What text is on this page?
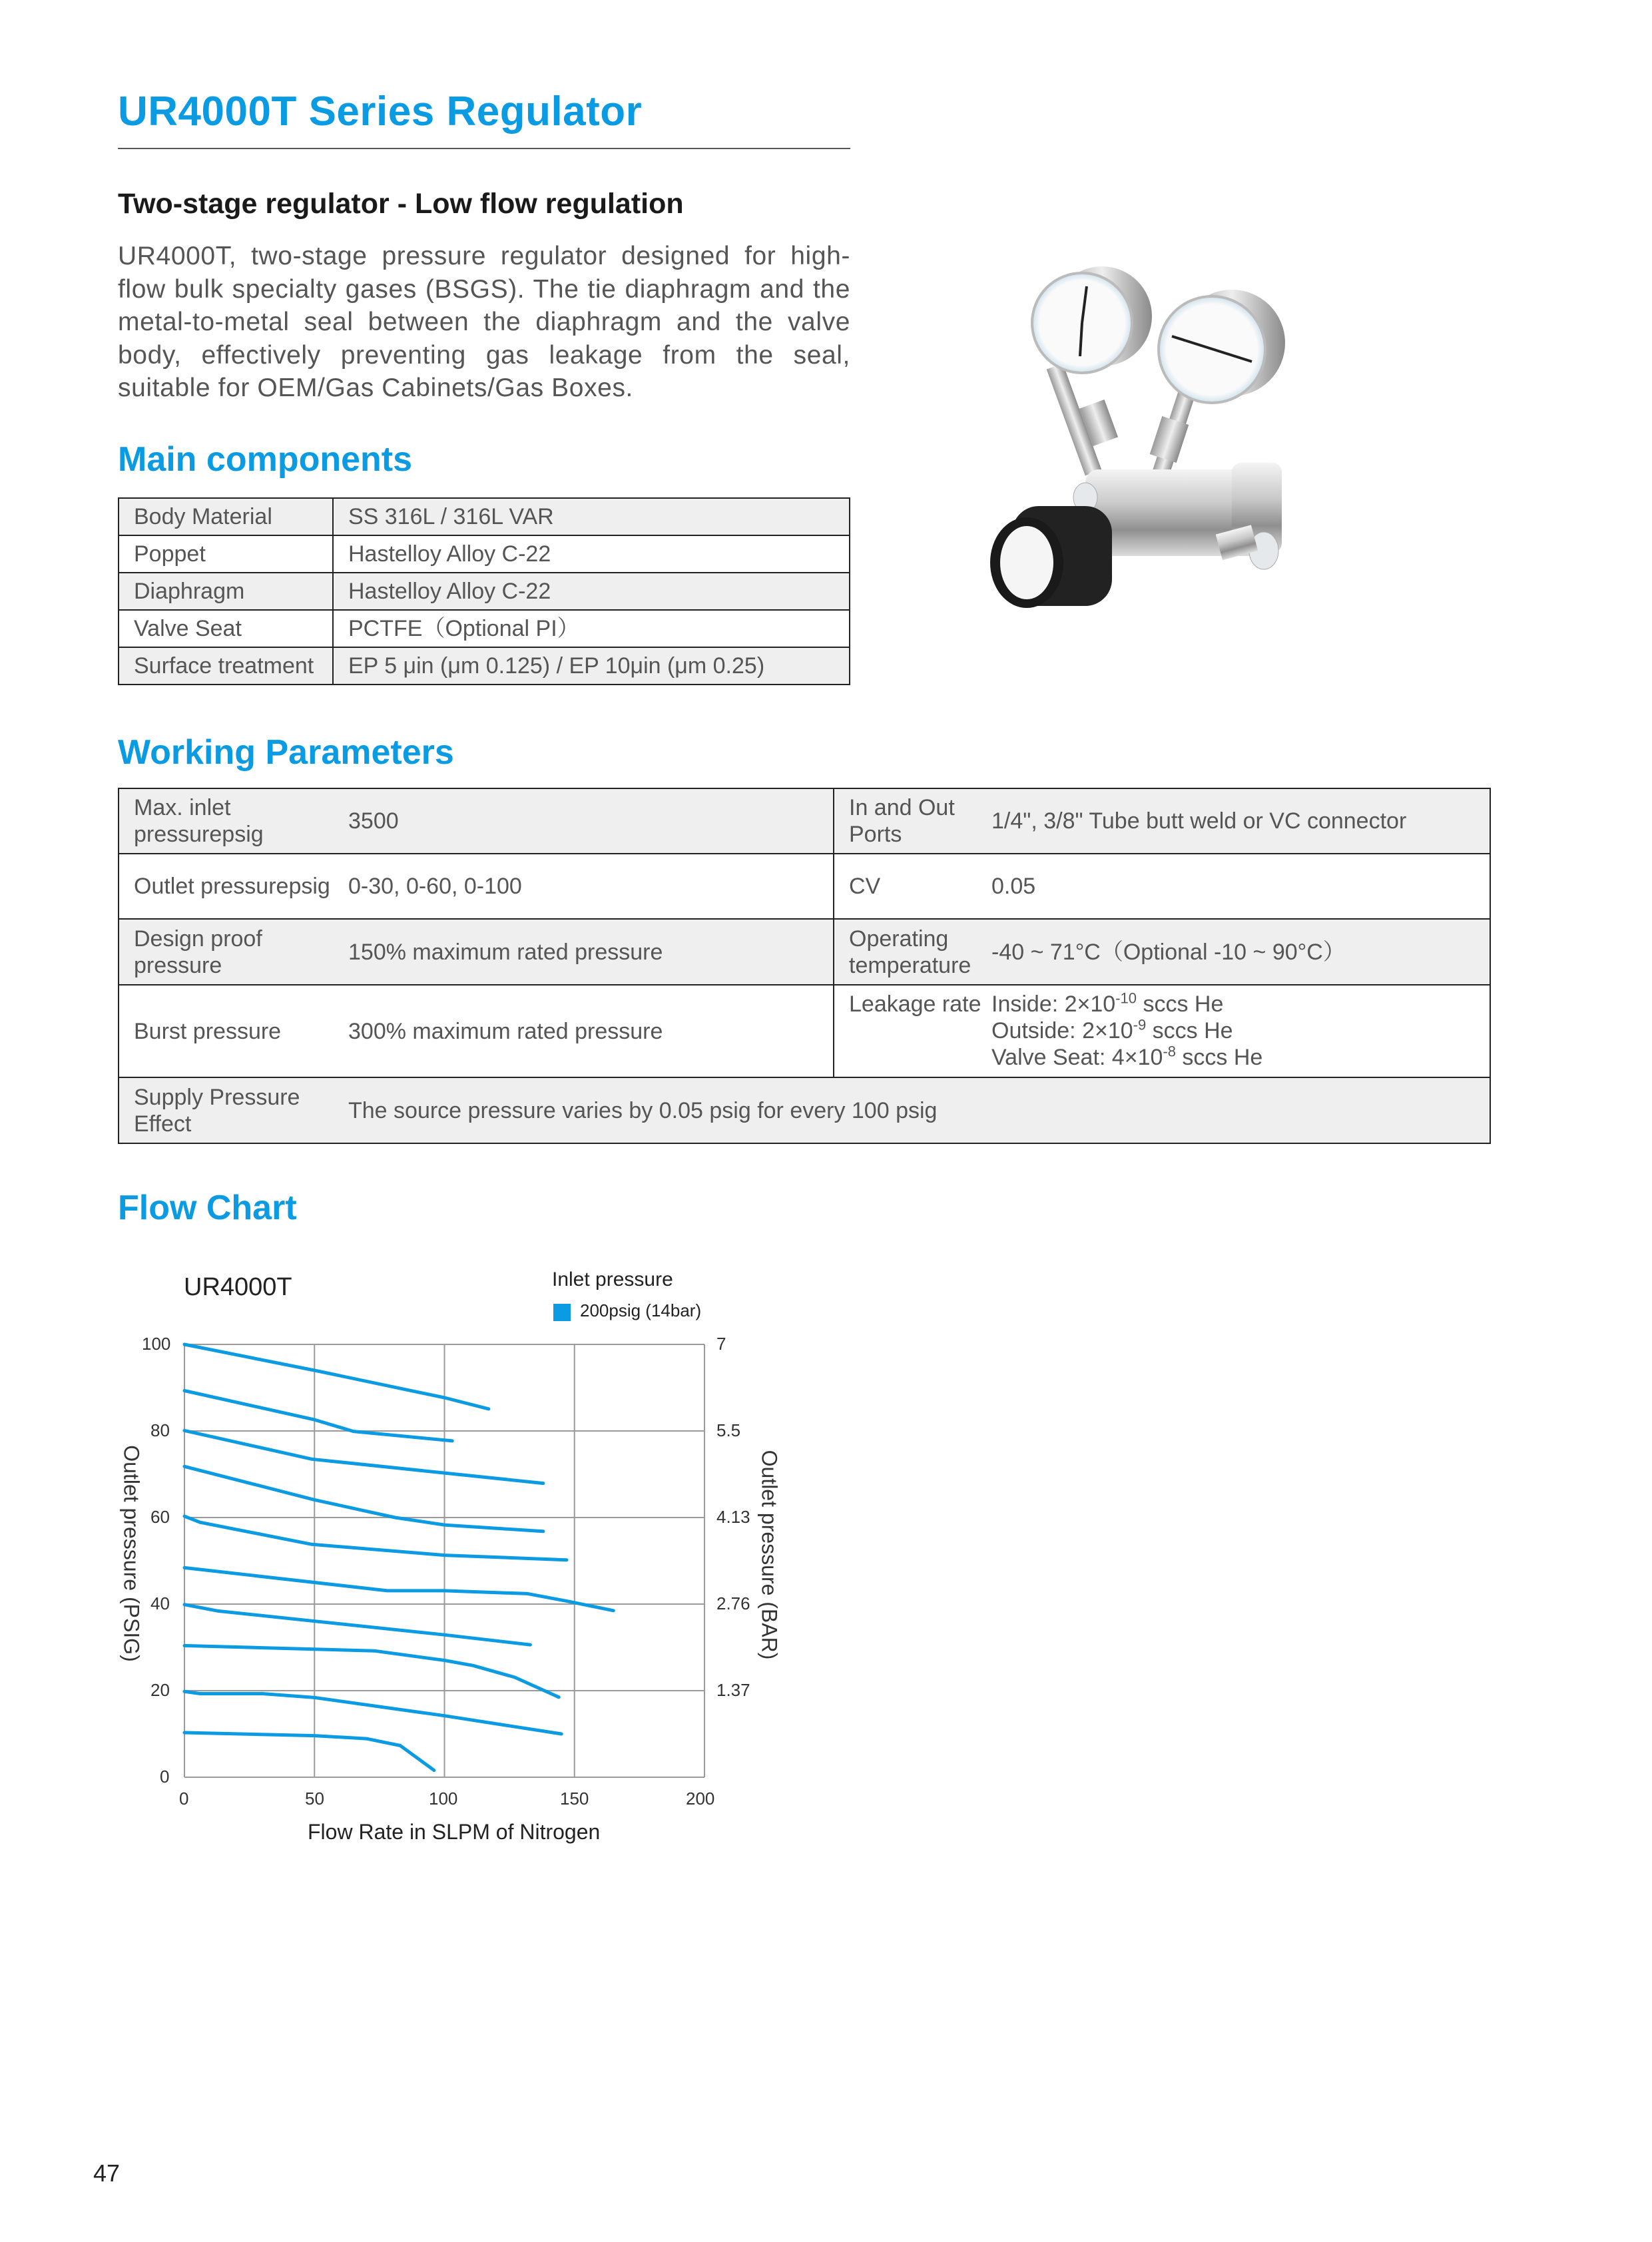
UR4000T Series Regulator
Two-stage regulator - Low flow regulation
UR4000T, two-stage pressure regulator designed for high-flow bulk specialty gases (BSGS). The tie diaphragm and the metal-to-metal seal between the diaphragm and the valve body, effectively preventing gas leakage from the seal, suitable for OEM/Gas Cabinets/Gas Boxes.
Main components
Body Material	SS 316L / 316L VAR
Poppet	Hastelloy Alloy C-22
Diaphragm	Hastelloy Alloy C-22
Valve Seat	PCTFE（Optional PI）
Surface treatment	EP 5 μin (μm 0.125) / EP 10μin (μm 0.25)
Working Parameters
Max. inlet pressurepsig	3500	In and Out Ports	1/4", 3/8" Tube butt weld or VC connector
Outlet pressurepsig	0-30, 0-60, 0-100	CV	0.05
Design proof pressure	150% maximum rated pressure	Operating temperature	-40 ~ 71°C（Optional -10 ~ 90°C）
Burst pressure	300% maximum rated pressure	Leakage rate	Inside: $2\times 10^{-10}$ sccs He
Outside: $2\times 10^{-9}$ sccs He
Valve Seat: $4\times 10^{-8}$ sccs He

Supply Pressure Effect	The source pressure varies by 0.05 psig for every 100 psig		
Flow Chart
UR4000T	Inlet pressure
200psig (14bar)
100
80
60
40
20
0
7
5.5
4.13
2.76
1.37
0	50	100	150	200
Outlet pressure (PSIG)	Outlet pressure (BAR)
Flow Rate in SLPM of Nitrogen
47
